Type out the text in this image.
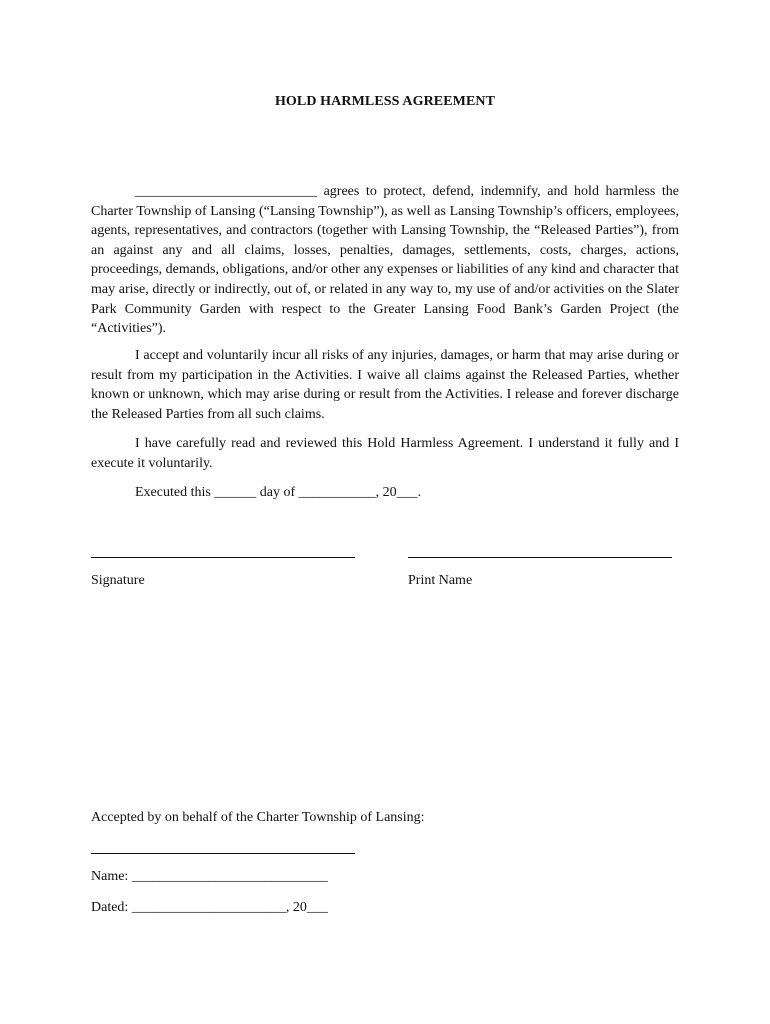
HOLD HARMLESS AGREEMENT
__________________________ agrees to protect, defend, indemnify, and hold harmless the Charter Township of Lansing (“Lansing Township”), as well as Lansing Township’s officers, employees, agents, representatives, and contractors (together with Lansing Township, the “Released Parties”), from an against any and all claims, losses, penalties, damages, settlements, costs, charges, actions, proceedings, demands, obligations, and/or other any expenses or liabilities of any kind and character that may arise, directly or indirectly, out of, or related in any way to, my use of and/or activities on the Slater Park Community Garden with respect to the Greater Lansing Food Bank’s Garden Project (the “Activities”).
I accept and voluntarily incur all risks of any injuries, damages, or harm that may arise during or result from my participation in the Activities. I waive all claims against the Released Parties, whether known or unknown, which may arise during or result from the Activities. I release and forever discharge the Released Parties from all such claims.
I have carefully read and reviewed this Hold Harmless Agreement. I understand it fully and I execute it voluntarily.
Executed this ______ day of ___________, 20___.
Signature	Print Name
Accepted by on behalf of the Charter Township of Lansing:
Name: ____________________________
Dated: ______________________, 20___
